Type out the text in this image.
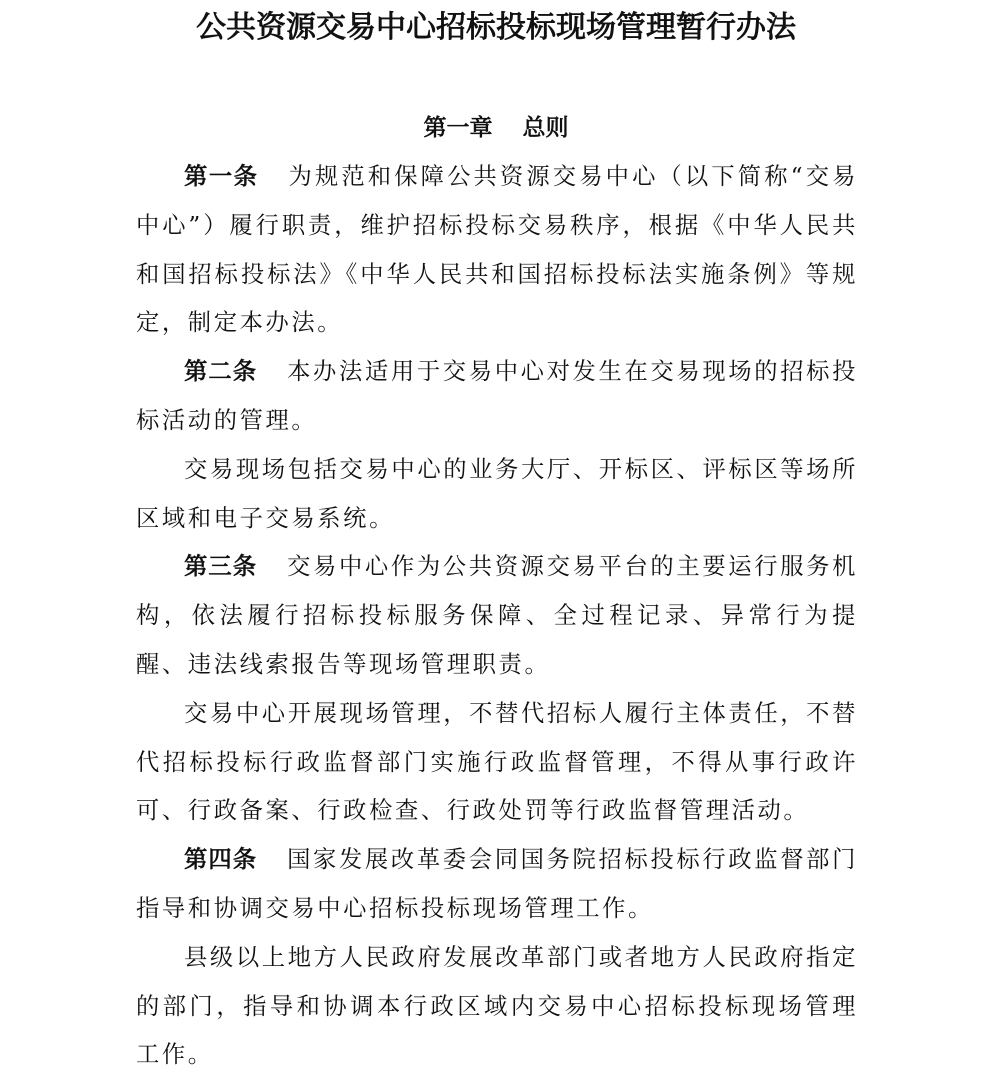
公共资源交易中心招标投标现场管理暂行办法
第一章 总则

第一条 为规范和保障公共资源交易中心（以下简称“交易中心”）履行职责，维护招标投标交易秩序，根据《中华人民共和国招标投标法》《中华人民共和国招标投标法实施条例》等规定，制定本办法。

第二条 本办法适用于交易中心对发生在交易现场的招标投标活动的管理。

交易现场包括交易中心的业务大厅、开标区、评标区等场所区域和电子交易系统。

第三条 交易中心作为公共资源交易平台的主要运行服务机构，依法履行招标投标服务保障、全过程记录、异常行为提醒、违法线索报告等现场管理职责。

交易中心开展现场管理，不替代招标人履行主体责任，不替代招标投标行政监督部门实施行政监督管理，不得从事行政许可、行政备案、行政检查、行政处罚等行政监督管理活动。

第四条 国家发展改革委会同国务院招标投标行政监督部门指导和协调交易中心招标投标现场管理工作。

县级以上地方人民政府发展改革部门或者地方人民政府指定的部门，指导和协调本行政区域内交易中心招标投标现场管理工作。
